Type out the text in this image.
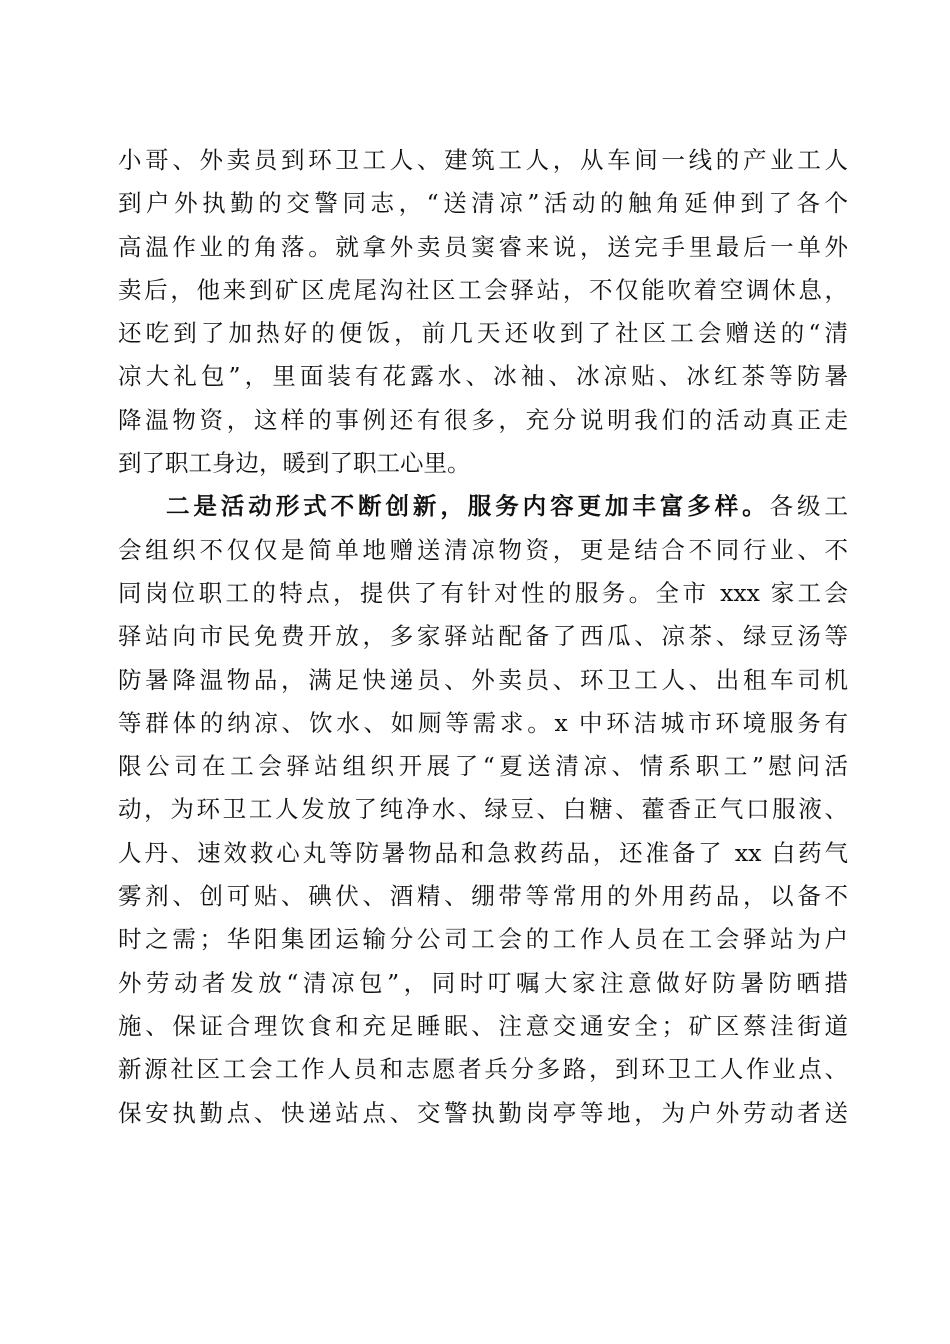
小哥、外卖员到环卫工人、建筑工人，从车间一线的产业工人
到户外执勤的交警同志，“送清凉”活动的触角延伸到了各个
高温作业的角落。就拿外卖员窦睿来说，送完手里最后一单外
卖后，他来到矿区虎尾沟社区工会驿站，不仅能吹着空调休息，
还吃到了加热好的便饭，前几天还收到了社区工会赠送的“清
凉大礼包”，里面装有花露水、冰袖、冰凉贴、冰红茶等防暑
降温物资，这样的事例还有很多，充分说明我们的活动真正走
到了职工身边，暖到了职工心里。
二是活动形式不断创新，服务内容更加丰富多样。各级工
会组织不仅仅是简单地赠送清凉物资，更是结合不同行业、不
同岗位职工的特点，提供了有针对性的服务。全市 xxx 家工会
驿站向市民免费开放，多家驿站配备了西瓜、凉茶、绿豆汤等
防暑降温物品，满足快递员、外卖员、环卫工人、出租车司机
等群体的纳凉、饮水、如厕等需求。x 中环洁城市环境服务有
限公司在工会驿站组织开展了“夏送清凉、情系职工”慰问活
动，为环卫工人发放了纯净水、绿豆、白糖、藿香正气口服液、
人丹、速效救心丸等防暑物品和急救药品，还准备了 xx 白药气
雾剂、创可贴、碘伏、酒精、绷带等常用的外用药品，以备不
时之需；华阳集团运输分公司工会的工作人员在工会驿站为户
外劳动者发放“清凉包”，同时叮嘱大家注意做好防暑防晒措
施、保证合理饮食和充足睡眠、注意交通安全；矿区蔡洼街道
新源社区工会工作人员和志愿者兵分多路，到环卫工人作业点、
保安执勤点、快递站点、交警执勤岗亭等地，为户外劳动者送
